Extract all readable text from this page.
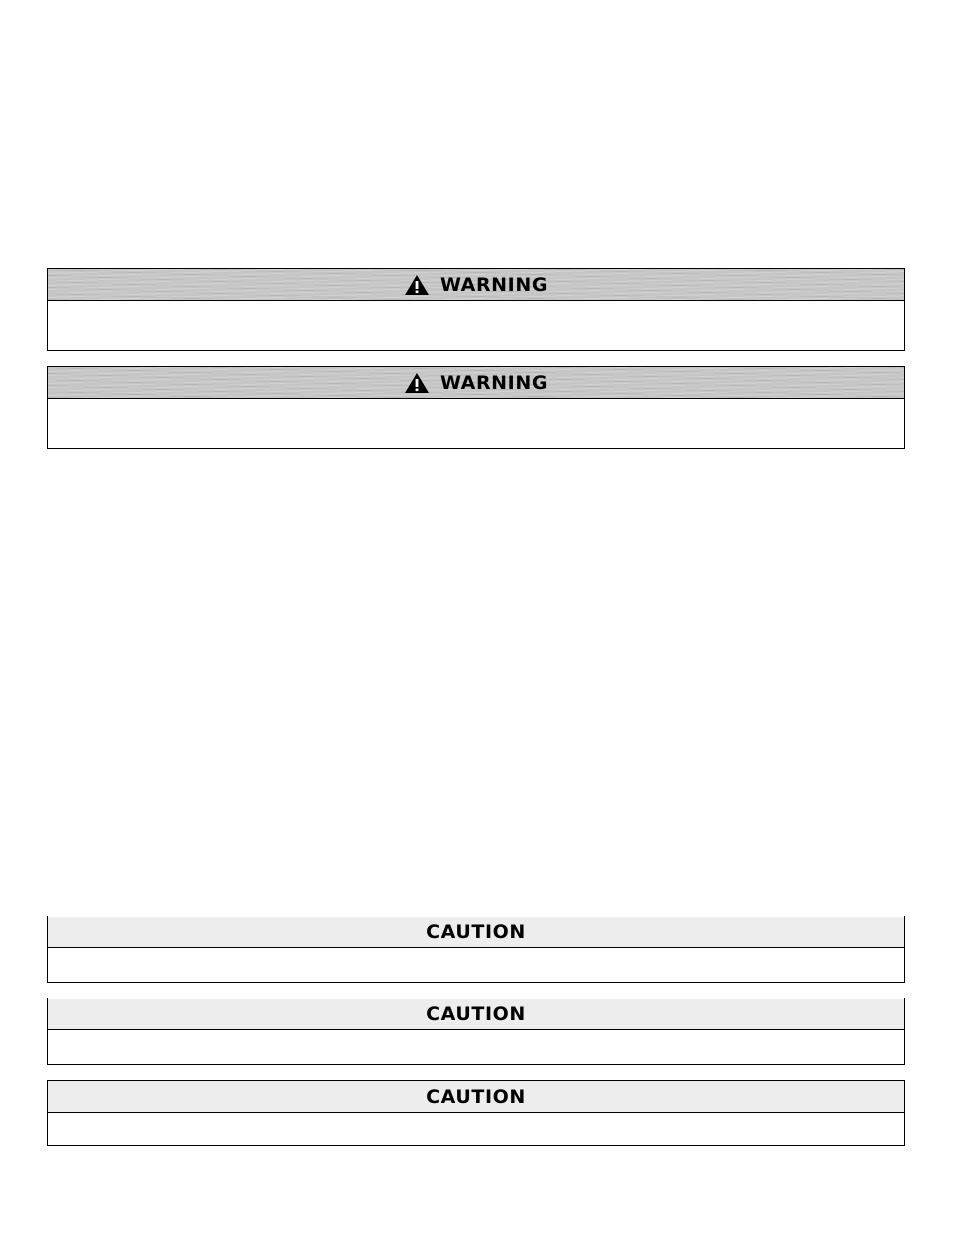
WARNING
WARNING
CAUTION
CAUTION
CAUTION
